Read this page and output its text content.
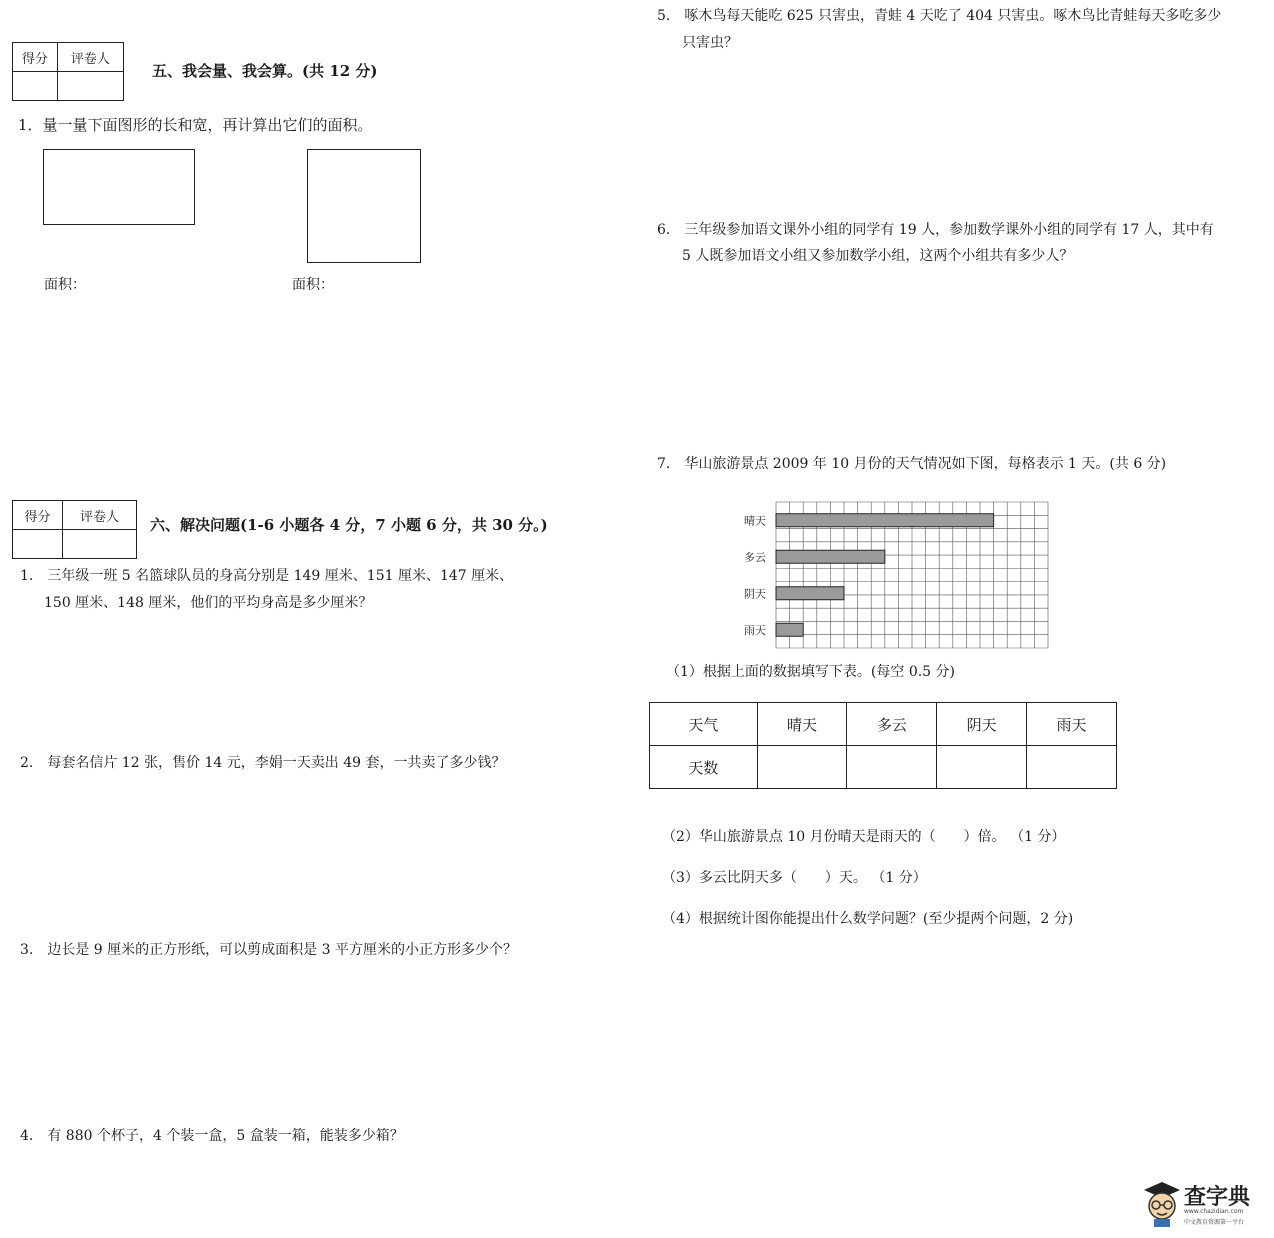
得分	评卷人

五、我会量、我会算。(共 12 分)
1．量一量下面图形的长和宽，再计算出它们的面积。
面积：	面积：
得分	评卷人
	六、解决问题(1-6 小题各 4 分，7 小题 6 分，共 30 分。)
1.　三年级一班 5 名篮球队员的身高分别是 149 厘米、151 厘米、147 厘米、
150 厘米、148 厘米，他们的平均身高是多少厘米？
2.　每套名信片 12 张，售价 14 元，李娟一天卖出 49 套，一共卖了多少钱？
3.　边长是 9 厘米的正方形纸，可以剪成面积是 3 平方厘米的小正方形多少个？
4.　有 880 个杯子，4 个装一盒，5 盒装一箱，能装多少箱？
5.　啄木鸟每天能吃 625 只害虫，青蛙 4 天吃了 404 只害虫。啄木鸟比青蛙每天多吃多少
只害虫？
6.　三年级参加语文课外小组的同学有 19 人，参加数学课外小组的同学有 17 人，其中有
5 人既参加语文小组又参加数学小组，这两个小组共有多少人？
7.　华山旅游景点 2009 年 10 月份的天气情况如下图，每格表示 1 天。(共 6 分)
晴天
多云
阴天
雨天
（1）根据上面的数据填写下表。(每空 0.5 分)
天气	晴天	多云	阴天	雨天
天数				
（2）华山旅游景点 10 月份晴天是雨天的（　　）倍。 （1 分）
（3）多云比阴天多（　　）天。 （1 分）
（4）根据统计图你能提出什么数学问题？(至少提两个问题，2 分)
查字典
www.chazidian.com
中文教育资源第一平台
